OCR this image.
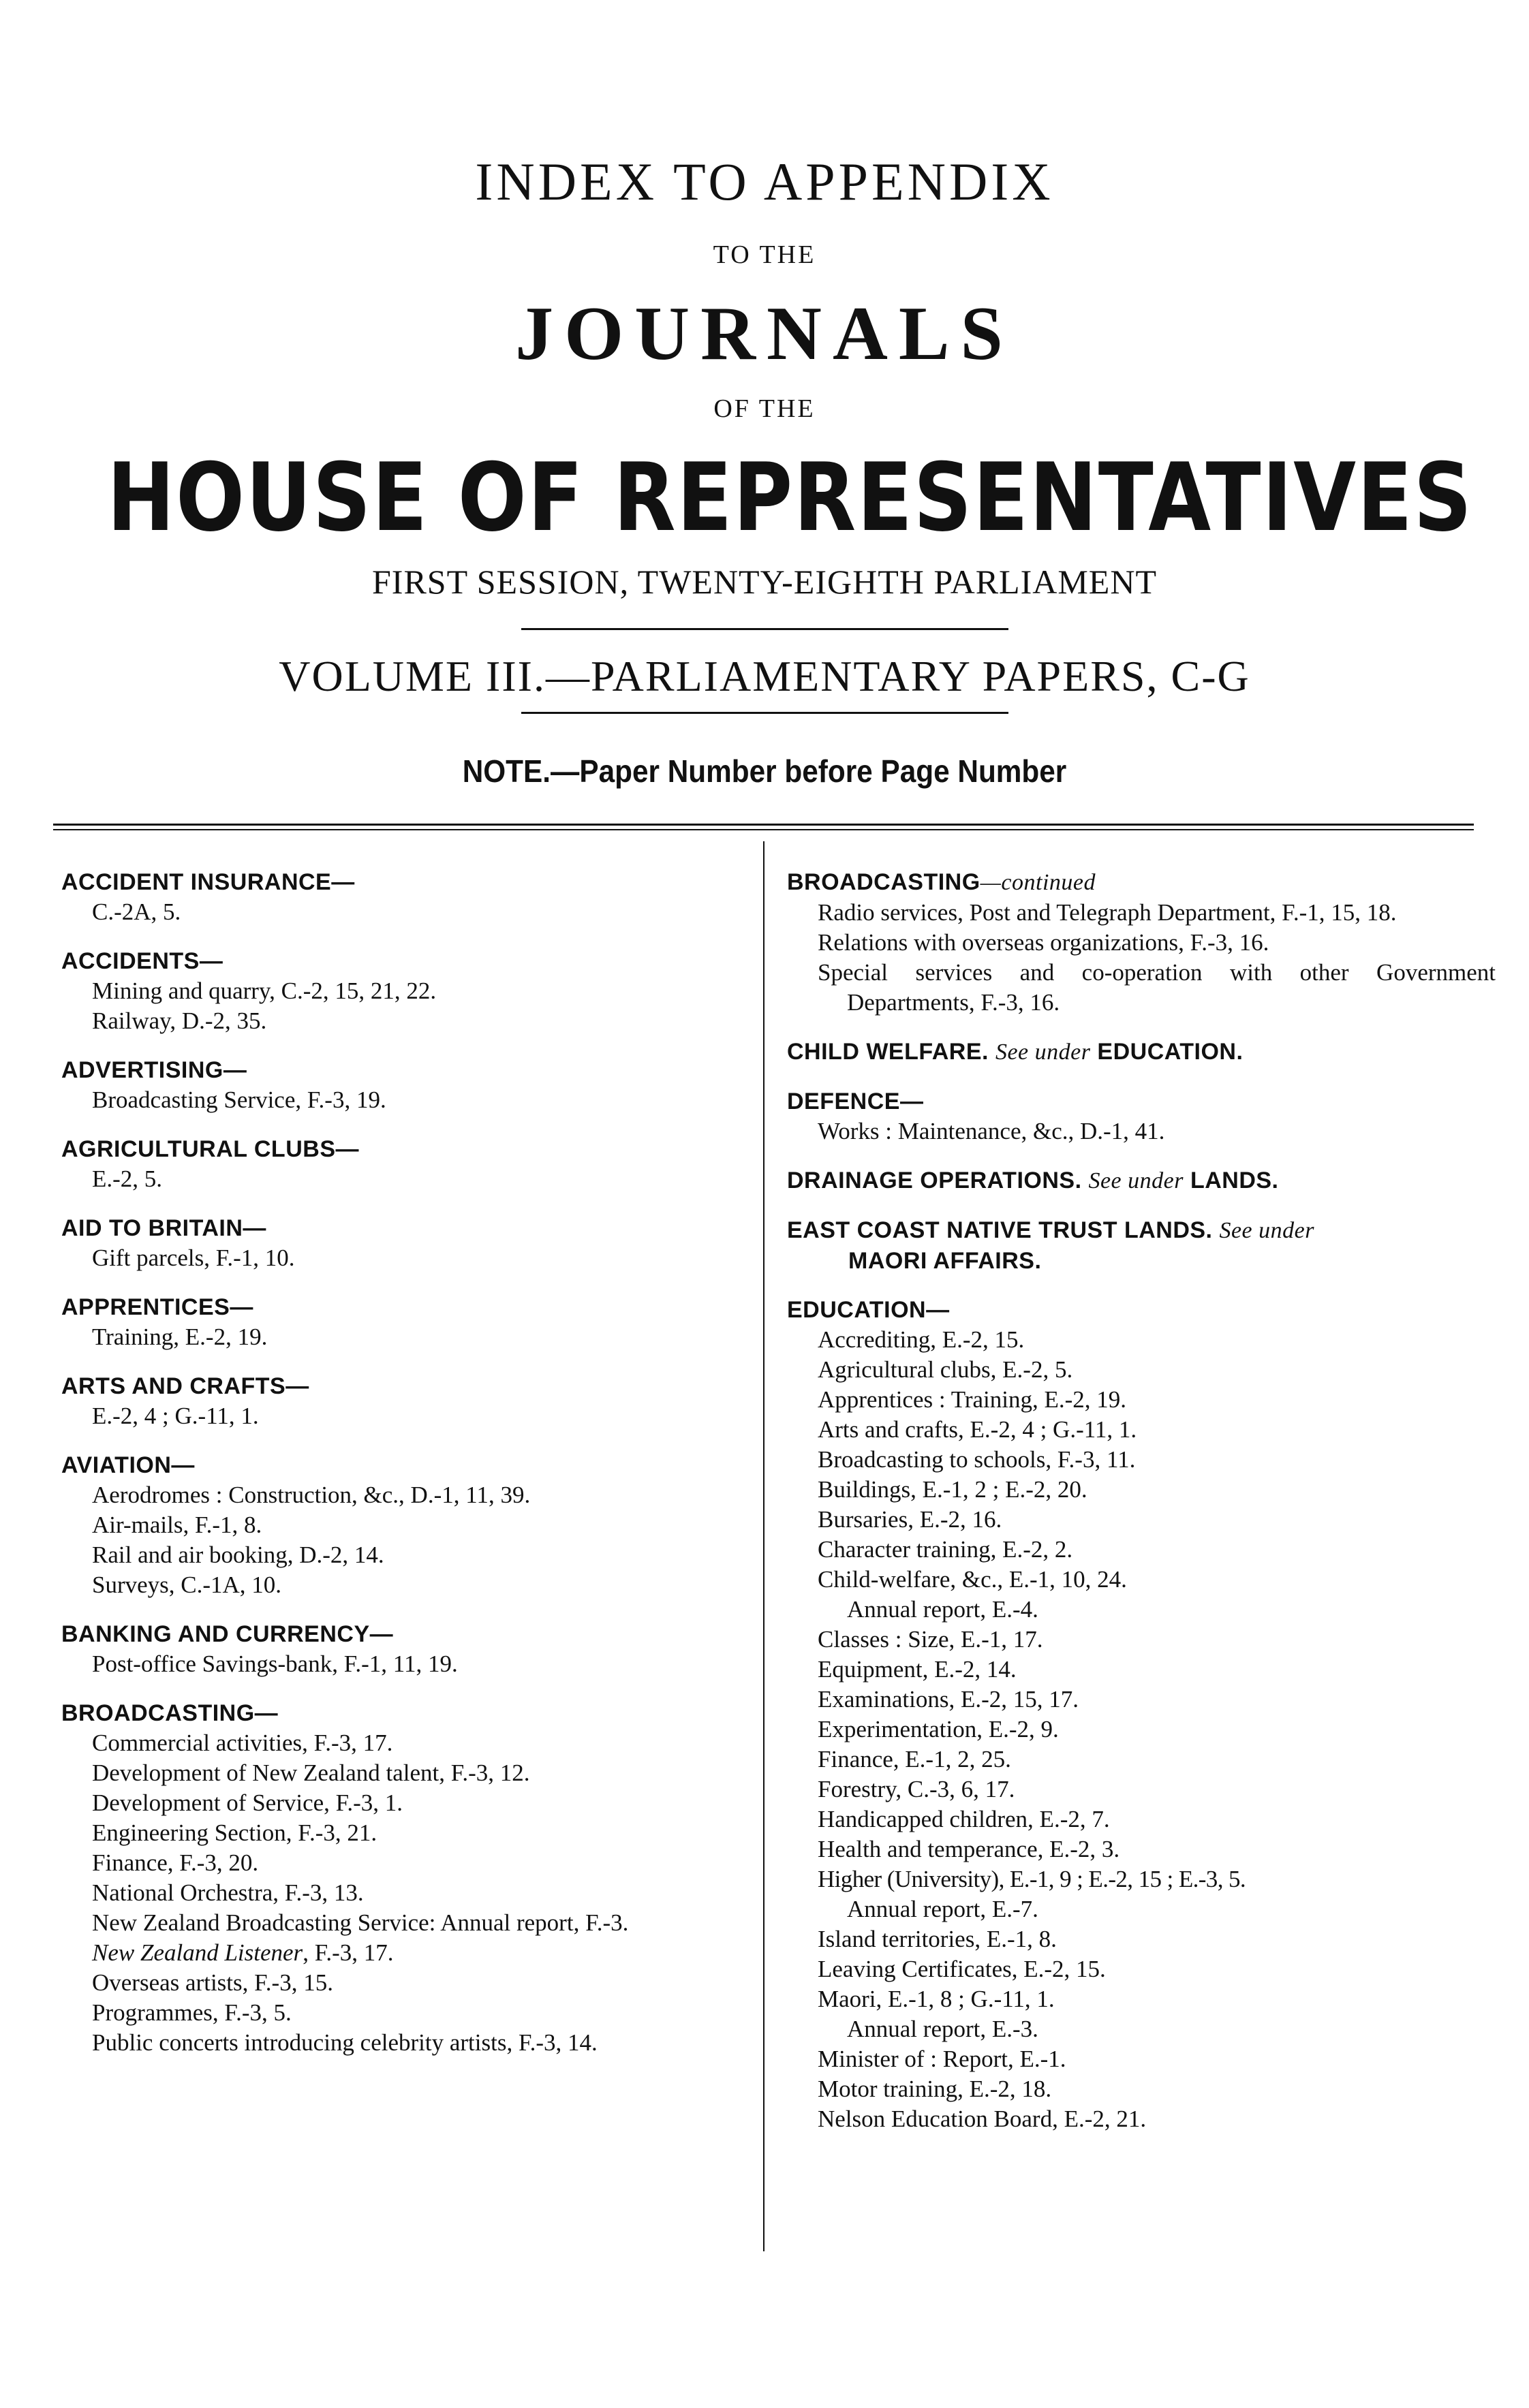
INDEX TO APPENDIX
TO THE
JOURNALS
OF THE
HOUSE OF REPRESENTATIVES
FIRST SESSION, TWENTY-EIGHTH PARLIAMENT
VOLUME III.—PARLIAMENTARY PAPERS, C-G
NOTE.—Paper Number before Page Number
ACCIDENT INSURANCE—
C.-2A, 5.
ACCIDENTS—
Mining and quarry, C.-2, 15, 21, 22.
Railway, D.-2, 35.
ADVERTISING—
Broadcasting Service, F.-3, 19.
AGRICULTURAL CLUBS—
E.-2, 5.
AID TO BRITAIN—
Gift parcels, F.-1, 10.
APPRENTICES—
Training, E.-2, 19.
ARTS AND CRAFTS—
E.-2, 4 ; G.-11, 1.
AVIATION—
Aerodromes : Construction, &c., D.-1, 11, 39.
Air-mails, F.-1, 8.
Rail and air booking, D.-2, 14.
Surveys, C.-1A, 10.
BANKING AND CURRENCY—
Post-office Savings-bank, F.-1, 11, 19.
BROADCASTING—
Commercial activities, F.-3, 17.
Development of New Zealand talent, F.-3, 12.
Development of Service, F.-3, 1.
Engineering Section, F.-3, 21.
Finance, F.-3, 20.
National Orchestra, F.-3, 13.
New Zealand Broadcasting Service: Annual report, F.-3.
New Zealand Listener, F.-3, 17.
Overseas artists, F.-3, 15.
Programmes, F.-3, 5.
Public concerts introducing celebrity artists, F.-3, 14.
BROADCASTING—continued
Radio services, Post and Telegraph Department, F.-1, 15, 18.
Relations with overseas organizations, F.-3, 16.
Special services and co-operation with other Government Departments, F.-3, 16.
CHILD WELFARE. See under EDUCATION.
DEFENCE—
Works : Maintenance, &c., D.-1, 41.
DRAINAGE OPERATIONS. See under LANDS.
EAST COAST NATIVE TRUST LANDS. See under
MAORI AFFAIRS.
EDUCATION—
Accrediting, E.-2, 15.
Agricultural clubs, E.-2, 5.
Apprentices : Training, E.-2, 19.
Arts and crafts, E.-2, 4 ; G.-11, 1.
Broadcasting to schools, F.-3, 11.
Buildings, E.-1, 2 ; E.-2, 20.
Bursaries, E.-2, 16.
Character training, E.-2, 2.
Child-welfare, &c., E.-1, 10, 24.
Annual report, E.-4.
Classes : Size, E.-1, 17.
Equipment, E.-2, 14.
Examinations, E.-2, 15, 17.
Experimentation, E.-2, 9.
Finance, E.-1, 2, 25.
Forestry, C.-3, 6, 17.
Handicapped children, E.-2, 7.
Health and temperance, E.-2, 3.
Higher (University), E.-1, 9 ; E.-2, 15 ; E.-3, 5.
Annual report, E.-7.
Island territories, E.-1, 8.
Leaving Certificates, E.-2, 15.
Maori, E.-1, 8 ; G.-11, 1.
Annual report, E.-3.
Minister of : Report, E.-1.
Motor training, E.-2, 18.
Nelson Education Board, E.-2, 21.
